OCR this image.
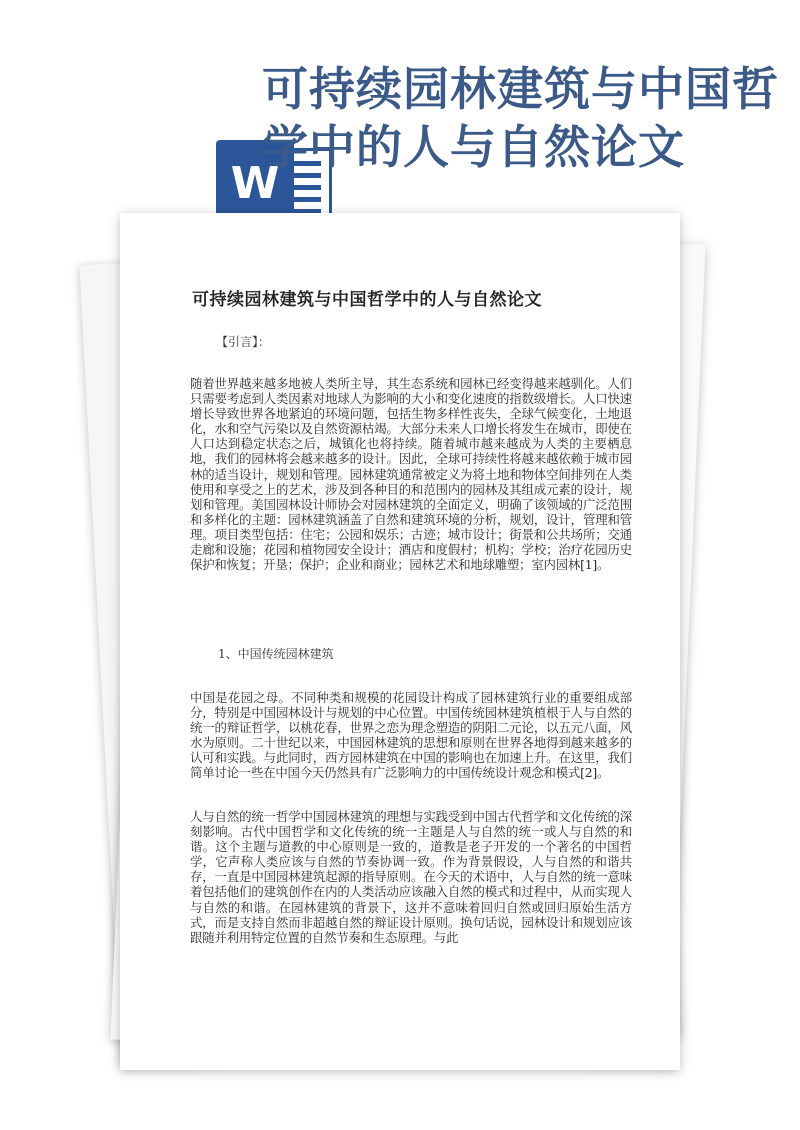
W
可持续园林建筑与中国哲学中的人与自然论文
可持续园林建筑与中国哲学中的人与自然论文
【引言】：
随着世界越来越多地被人类所主导，其生态系统和园林已经变得越来越驯化。人们只需要考虑到人类因素对地球人为影响的大小和变化速度的指数级增长。人口快速增长导致世界各地紧迫的环境问题，包括生物多样性丧失，全球气候变化，土地退化，水和空气污染以及自然资源枯竭。大部分未来人口增长将发生在城市，即使在人口达到稳定状态之后，城镇化也将持续。随着城市越来越成为人类的主要栖息地，我们的园林将会越来越多的设计。因此，全球可持续性将越来越依赖于城市园林的适当设计，规划和管理。园林建筑通常被定义为将土地和物体空间排列在人类使用和享受之上的艺术，涉及到各种目的和范围内的园林及其组成元素的设计，规划和管理。美国园林设计师协会对园林建筑的全面定义，明确了该领域的广泛范围和多样化的主题：园林建筑涵盖了自然和建筑环境的分析，规划，设计，管理和管理。项目类型包括：住宅；公园和娱乐；古迹；城市设计；街景和公共场所；交通走廊和设施；花园和植物园安全设计；酒店和度假村；机构；学校；治疗花园历史保护和恢复；开垦；保护；企业和商业；园林艺术和地球雕塑；室内园林[1]。
1、中国传统园林建筑
中国是花园之母。不同种类和规模的花园设计构成了园林建筑行业的重要组成部分，特别是中国园林设计与规划的中心位置。中国传统园林建筑植根于人与自然的统一的辩证哲学，以桃花春，世界之恋为理念塑造的阴阳二元论，以五元八面，风水为原则。二十世纪以来，中国园林建筑的思想和原则在世界各地得到越来越多的认可和实践。与此同时，西方园林建筑在中国的影响也在加速上升。在这里，我们简单讨论一些在中国今天仍然具有广泛影响力的中国传统设计观念和模式[2]。
人与自然的统一哲学中国园林建筑的理想与实践受到中国古代哲学和文化传统的深刻影响。古代中国哲学和文化传统的统一主题是人与自然的统一或人与自然的和谐。这个主题与道教的中心原则是一致的，道教是老子开发的一个著名的中国哲学，它声称人类应该与自然的节奏协调一致。作为背景假设，人与自然的和谐共存，一直是中国园林建筑起源的指导原则。在今天的术语中，人与自然的统一意味着包括他们的建筑创作在内的人类活动应该融入自然的模式和过程中，从而实现人与自然的和谐。在园林建筑的背景下，这并不意味着回归自然或回归原始生活方式，而是支持自然而非超越自然的辩证设计原则。换句话说，园林设计和规划应该跟随并利用特定位置的自然节奏和生态原理。与此
